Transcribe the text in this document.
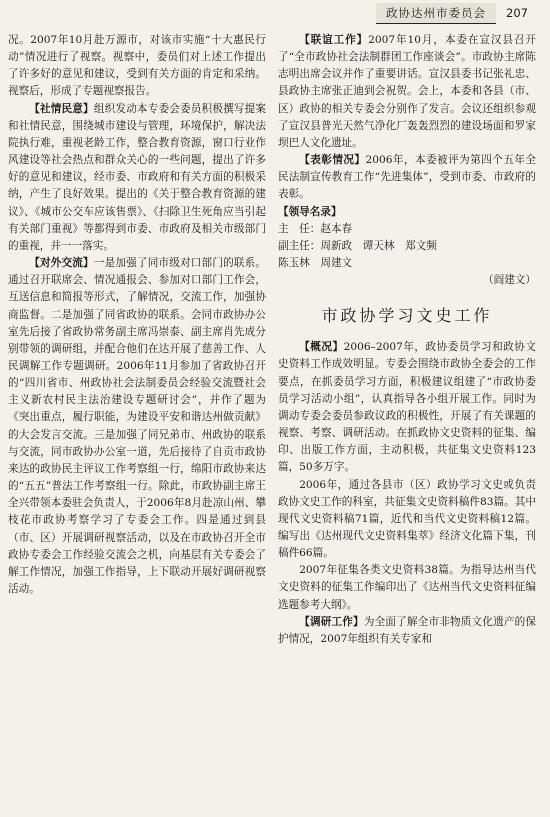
政协达州市委员会	207

况。2007年10月赴万源市，对该市实施“十大惠民行动”情况进行了视察。视察中，委员们对上述工作提出了许多好的意见和建议，受到有关方面的肯定和采纳。视察后，形成了专题视察报告。

【社情民意】组织发动本专委会委员积极撰写提案和社情民意，围绕城市建设与管理，环境保护，解决法院执行难，重视老龄工作，整合教育资源，窗口行业作风建设等社会热点和群众关心的一些问题，提出了许多好的意见和建议，经市委、市政府和有关方面的积极采纳，产生了良好效果。提出的《关于整合教育资源的建议》、《城市公交车应该售票》、《扫除卫生死角应当引起有关部门重视》等都得到市委、市政府及相关市级部门的重视，并一一落实。

【对外交流】一是加强了同市级对口部门的联系。通过召开联席会、情况通报会、参加对口部门工作会，互送信息和简报等形式，了解情况，交流工作，加强协商监督。二是加强了同省政协的联系。会同市政协办公室先后接了省政协常务副主席冯崇泰、副主席肖先成分别带领的调研组，并配合他们在达开展了慈善工作、人民调解工作专题调研。2006年11月参加了省政协召开的“四川省市、州政协社会法制委员会经验交流暨社会主义新农村民主法治建设专题研讨会”，并作了题为《突出重点，履行职能，为建设平安和谐达州做贡献》的大会发言交流。三是加强了同兄弟市、州政协的联系与交流，同市政协办公室一道，先后接待了自贡市政协来达的政协民主评议工作考察组一行，绵阳市政协来达的“五五”普法工作考察组一行。除此，市政协副主席王全兴带领本委驻会负责人，于2006年8月赴凉山州、攀枝花市政协考察学习了专委会工作。四是通过到县（市、区）开展调研视察活动，以及在市政协召开全市政协专委会工作经验交流会之机，向基层有关专委会了解工作情况，加强工作指导，上下联动开展好调研视察活动。

【联谊工作】2007年10月，本委在宣汉县召开了“全市政协社会法制群团工作座谈会”。市政协主席陈志明出席会议并作了重要讲话。宣汉县委书记张礼忠、县政协主席张正迪到会祝贺。会上，本委和各县（市、区）政协的相关专委会分别作了发言。会议还组织参观了宣汉县普光天然气净化厂轰轰烈烈的建设场面和罗家坝巴人文化遗址。

【表彰情况】2006年，本委被评为第四个五年全民法制宣传教育工作“先进集体”，受到市委、市政府的表彰。

【领导名录】

主　任：赵本春

副主任：周新政　谭天林　郑文频

陈玉林　周建文

（阎建文）

市政协学习文史工作

【概况】2006–2007年，政协委员学习和政协文史资料工作成效明显。专委会围绕市政协全委会的工作要点，在抓委员学习方面，积极建议组建了“市政协委员学习活动小组”，认真指导各小组开展工作。同时为调动专委会委员参政议政的积极性，开展了有关课题的视察、考察、调研活动。在抓政协文史资料的征集、编印、出版工作方面，主动积极，共征集文史资料123篇，50多万字。

2006年，通过各县市（区）政协学习文史或负责政协文史工作的科室，共征集文史资料稿件83篇。其中现代文史资料稿71篇，近代和当代文史资料稿12篇。编写出《达州现代文史资料集萃》经济文化篇下集，刊稿件66篇。

2007年征集各类文史资料38篇。为指导达州当代文史资料的征集工作编印出了《达州当代文史资料征编选题参考大纲》。

【调研工作】为全面了解全市非物质文化遗产的保护情况，2007年组织有关专家和
